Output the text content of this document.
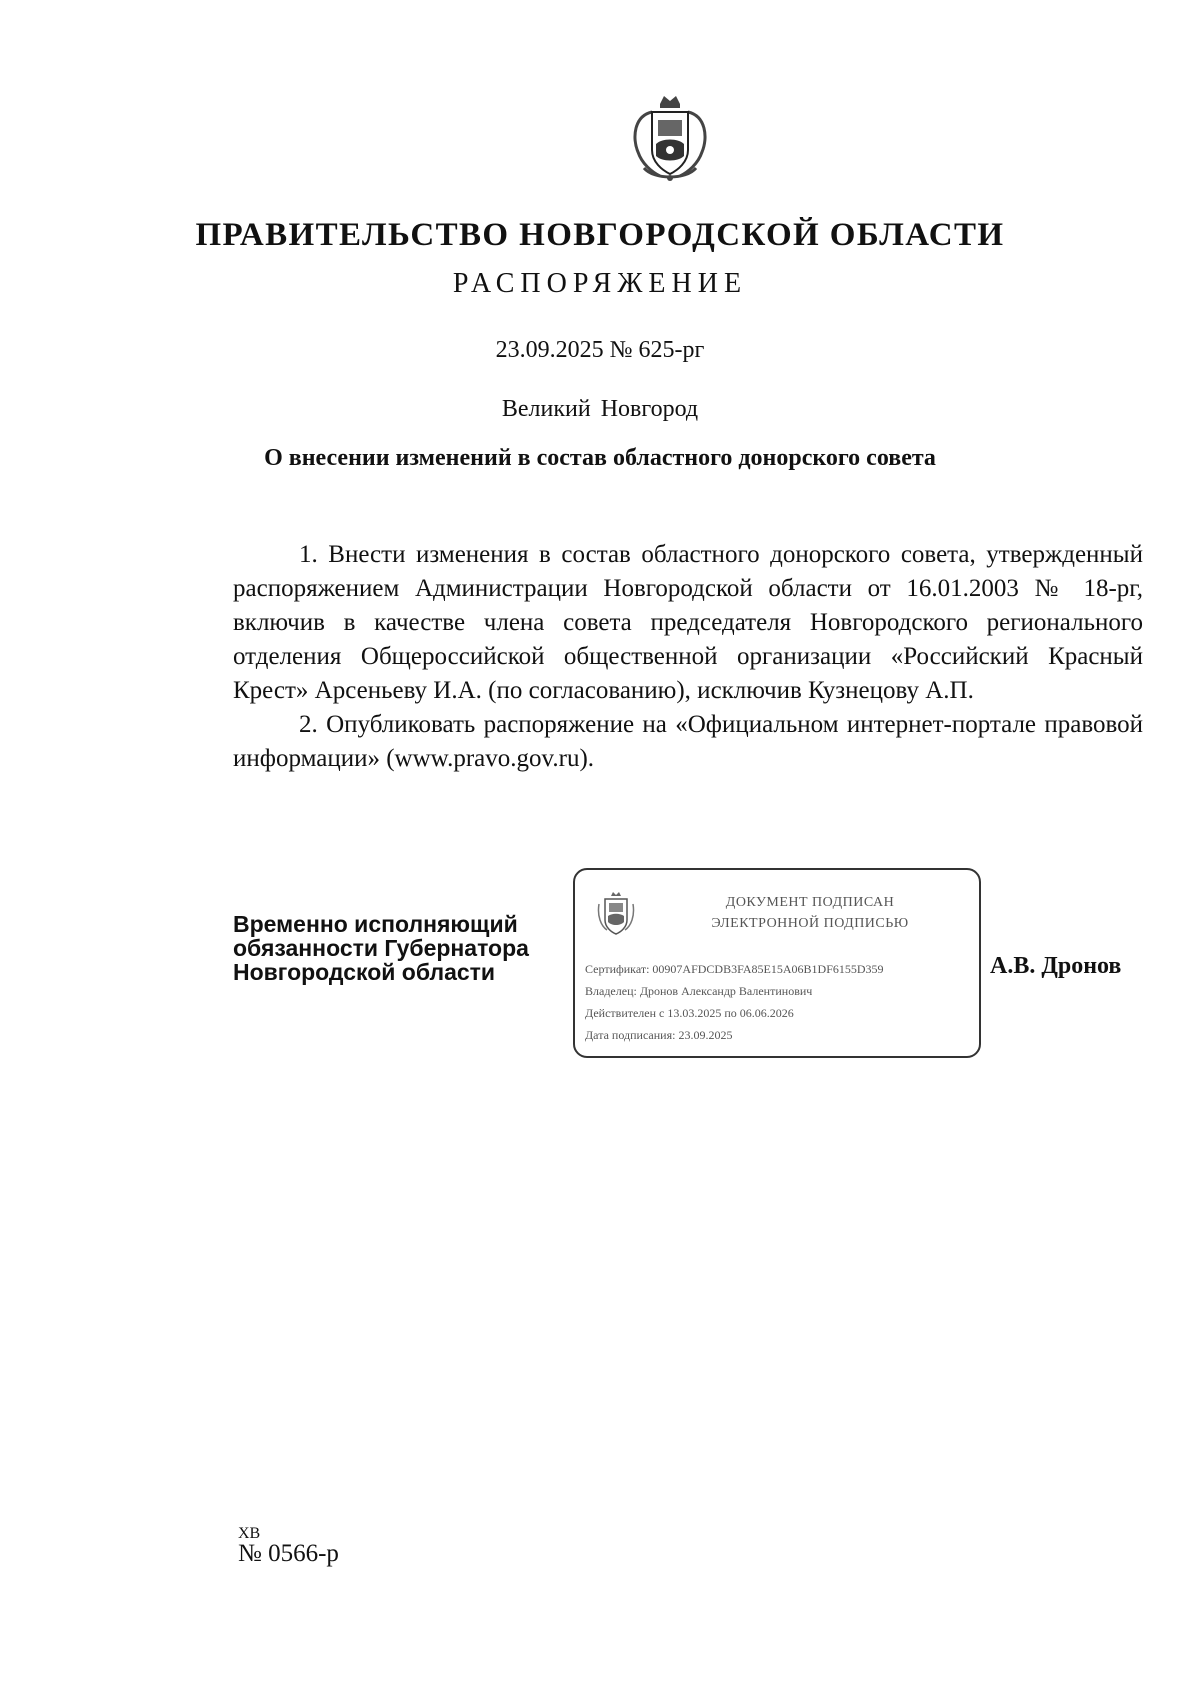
ПРАВИТЕЛЬСТВО НОВГОРОДСКОЙ ОБЛАСТИ
РАСПОРЯЖЕНИЕ
23.09.2025 № 625-рг
Великий Новгород
О внесении изменений в состав областного донорского совета

1. Внести изменения в состав областного донорского совета, утвержденный распоряжением Администрации Новгородской области от 16.01.2003 № 18-рг, включив в качестве члена совета председателя Новгородского регионального отделения Общероссийской общественной организации «Российский Красный Крест» Арсеньеву И.А. (по согласованию), исключив Кузнецову А.П.

2. Опубликовать распоряжение на «Официальном интернет-портале правовой информации» (www.pravo.gov.ru).

Временно исполняющий
обязанности Губернатора
Новгородской области
ДОКУМЕНТ ПОДПИСАН
ЭЛЕКТРОННОЙ ПОДПИСЬЮ
Сертификат: 00907AFDCDB3FA85E15A06B1DF6155D359
Владелец: Дронов Александр Валентинович
Действителен с 13.03.2025 по 06.06.2026
Дата подписания: 23.09.2025
А.В. Дронов
ХВ
№ 0566-р
